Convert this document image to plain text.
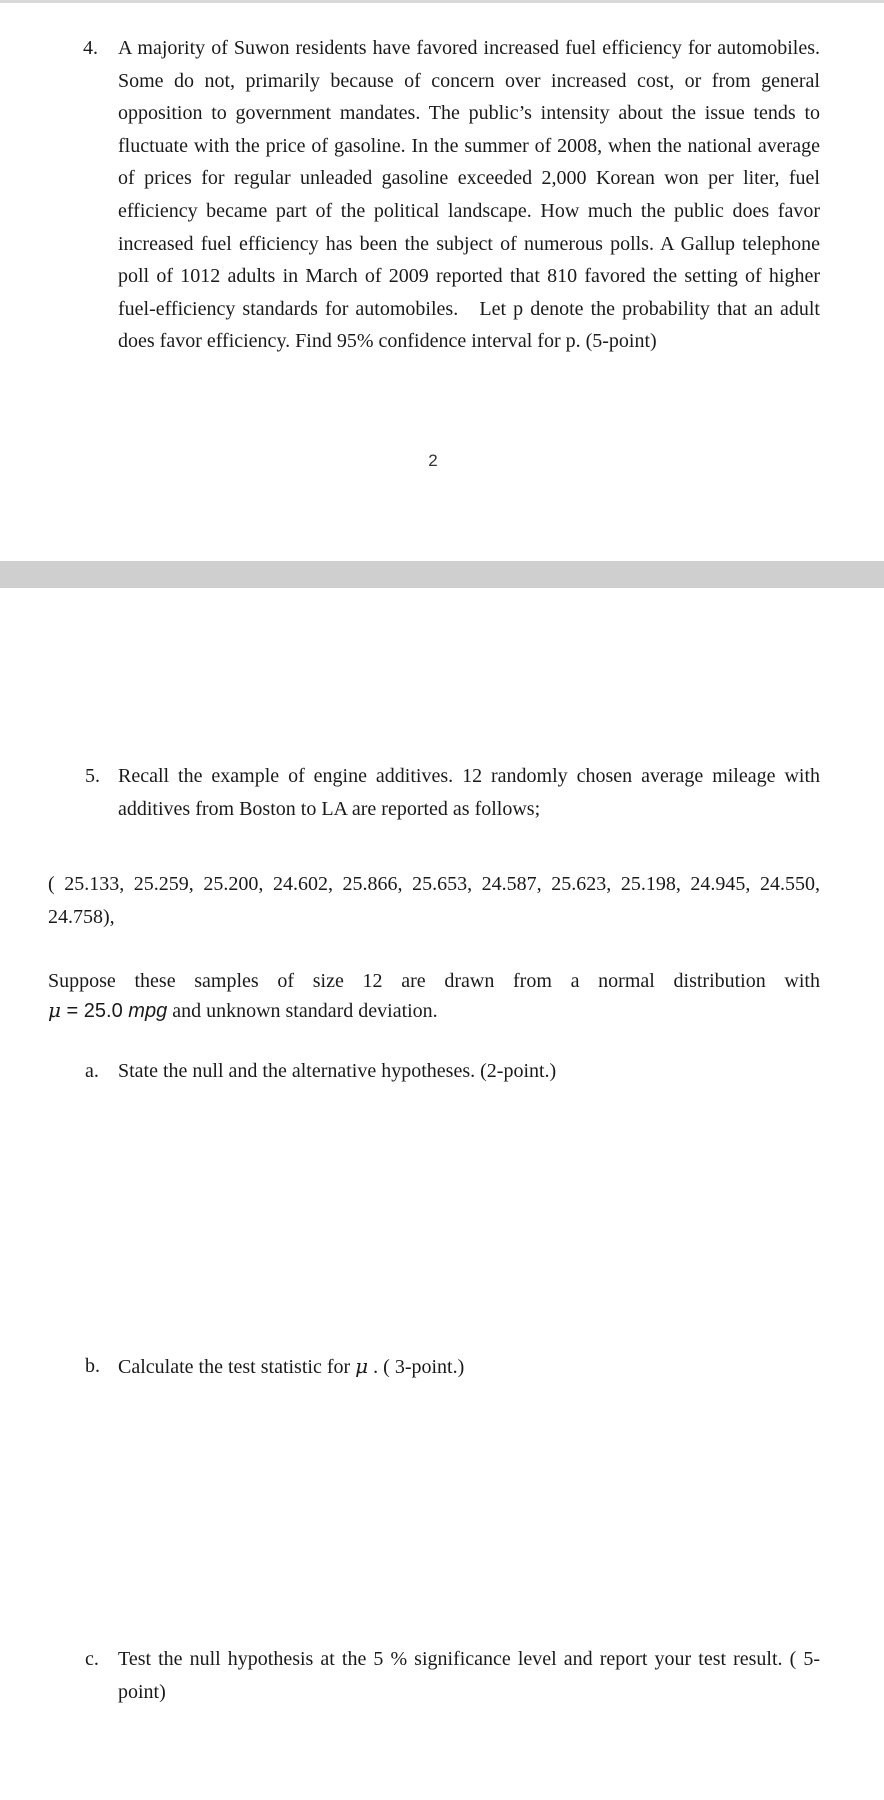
4. A majority of Suwon residents have favored increased fuel efficiency for automobiles. Some do not, primarily because of concern over increased cost, or from general opposition to government mandates. The public’s intensity about the issue tends to fluctuate with the price of gasoline. In the summer of 2008, when the national average of prices for regular unleaded gasoline exceeded 2,000 Korean won per liter, fuel efficiency became part of the political landscape. How much the public does favor increased fuel efficiency has been the subject of numerous polls. A Gallup telephone poll of 1012 adults in March of 2009 reported that 810 favored the setting of higher fuel-efficiency standards for automobiles.   Let p denote the probability that an adult does favor efficiency. Find 95% confidence interval for p. (5-point)
2
5. Recall the example of engine additives. 12 randomly chosen average mileage with additives from Boston to LA are reported as follows;
( 25.133, 25.259, 25.200, 24.602, 25.866, 25.653, 24.587, 25.623, 25.198, 24.945, 24.550, 24.758),
Suppose these samples of size 12 are drawn from a normal distribution with
μ = 25.0 mpg and unknown standard deviation.
a. State the null and the alternative hypotheses. (2-point.)
b. Calculate the test statistic for μ . ( 3-point.)
c. Test the null hypothesis at the 5 % significance level and report your test result. ( 5-point)
